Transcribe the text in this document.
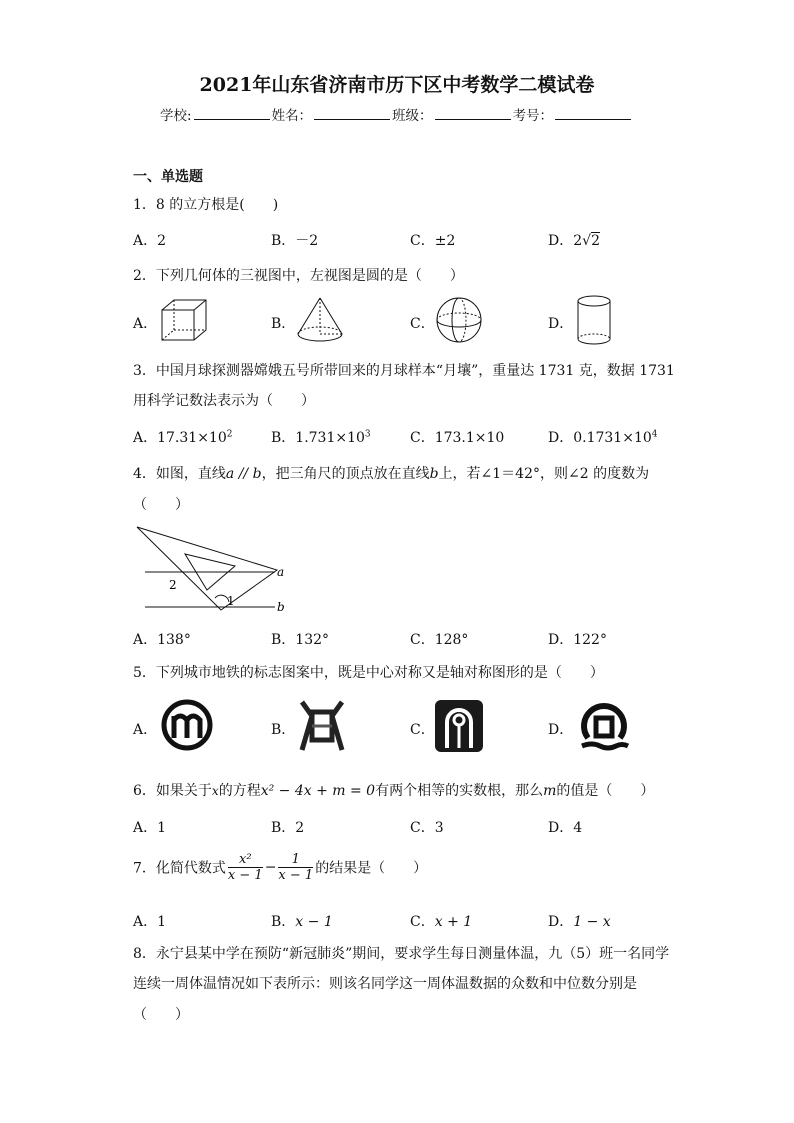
2021年山东省济南市历下区中考数学二模试卷
学校:	姓名：	班级：	考号：
一、单选题
1．8 的立方根是(　　)
A．2	B．－2	C．±2	D．2√2
2．下列几何体的三视图中，左视图是圆的是（　　）
A．	B．	C．	D．
3．中国月球探测器嫦娥五号所带回来的月球样本“月壤”，重量达 1731 克，数据 1731
用科学记数法表示为（　　）
A．$17.31\times 10^2$	B．$1.731\times 10^3$	C．173.1×10	D．$0.1731\times 10^4$
4．如图，直线a // b，把三角尺的顶点放在直线b上，若∠1＝42°，则∠2 的度数为
（　　）
a
b
1
2
A．138°	B．132°	C．128°	D．122°
5．下列城市地铁的标志图案中，既是中心对称又是轴对称图形的是（　　）
A．	B．	C．	D．
6．如果关于x的方程x² − 4x + m = 0有两个相等的实数根，那么m的值是（　　）
A．1	B．2	C．3	D．4
7．化简代数式 $\frac{\text{x²}}{x - 1} - \frac{1}{x - 1}$ 的结果是（　　）
A．1	B．x − 1	C．x + 1	D．1 − x
8．永宁县某中学在预防“新冠肺炎”期间，要求学生每日测量体温，九（5）班一名同学
连续一周体温情况如下表所示：则该名同学这一周体温数据的众数和中位数分别是
（　　）
